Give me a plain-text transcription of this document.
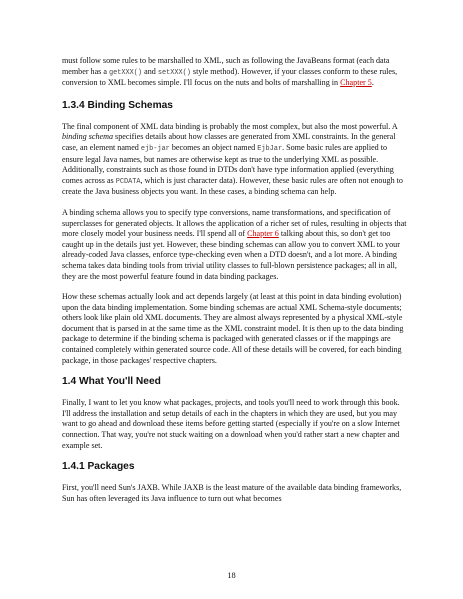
must follow some rules to be marshalled to XML, such as following the JavaBeans format (each data member has a getXXX() and setXXX() style method). However, if your classes conform to these rules, conversion to XML becomes simple. I'll focus on the nuts and bolts of marshalling in Chapter 5.

1.3.4 Binding Schemas

The final component of XML data binding is probably the most complex, but also the most powerful. A binding schema specifies details about how classes are generated from XML constraints. In the general case, an element named ejb-jar becomes an object named EjbJar. Some basic rules are applied to ensure legal Java names, but names are otherwise kept as true to the underlying XML as possible. Additionally, constraints such as those found in DTDs don't have type information applied (everything comes across as PCDATA, which is just character data). However, these basic rules are often not enough to create the Java business objects you want. In these cases, a binding schema can help.

A binding schema allows you to specify type conversions, name transformations, and specification of superclasses for generated objects. It allows the application of a richer set of rules, resulting in objects that more closely model your business needs. I'll spend all of Chapter 6 talking about this, so don't get too caught up in the details just yet. However, these binding schemas can allow you to convert XML to your already-coded Java classes, enforce type-checking even when a DTD doesn't, and a lot more. A binding schema takes data binding tools from trivial utility classes to full-blown persistence packages; all in all, they are the most powerful feature found in data binding packages.

How these schemas actually look and act depends largely (at least at this point in data binding evolution) upon the data binding implementation. Some binding schemas are actual XML Schema-style documents; others look like plain old XML documents. They are almost always represented by a physical XML-style document that is parsed in at the same time as the XML constraint model. It is then up to the data binding package to determine if the binding schema is packaged with generated classes or if the mappings are contained completely within generated source code. All of these details will be covered, for each binding package, in those packages' respective chapters.

1.4 What You'll Need

Finally, I want to let you know what packages, projects, and tools you'll need to work through this book. I'll address the installation and setup details of each in the chapters in which they are used, but you may want to go ahead and download these items before getting started (especially if you're on a slow Internet connection. That way, you're not stuck waiting on a download when you'd rather start a new chapter and example set.

1.4.1 Packages

First, you'll need Sun's JAXB. While JAXB is the least mature of the available data binding frameworks, Sun has often leveraged its Java influence to turn out what becomes

18
